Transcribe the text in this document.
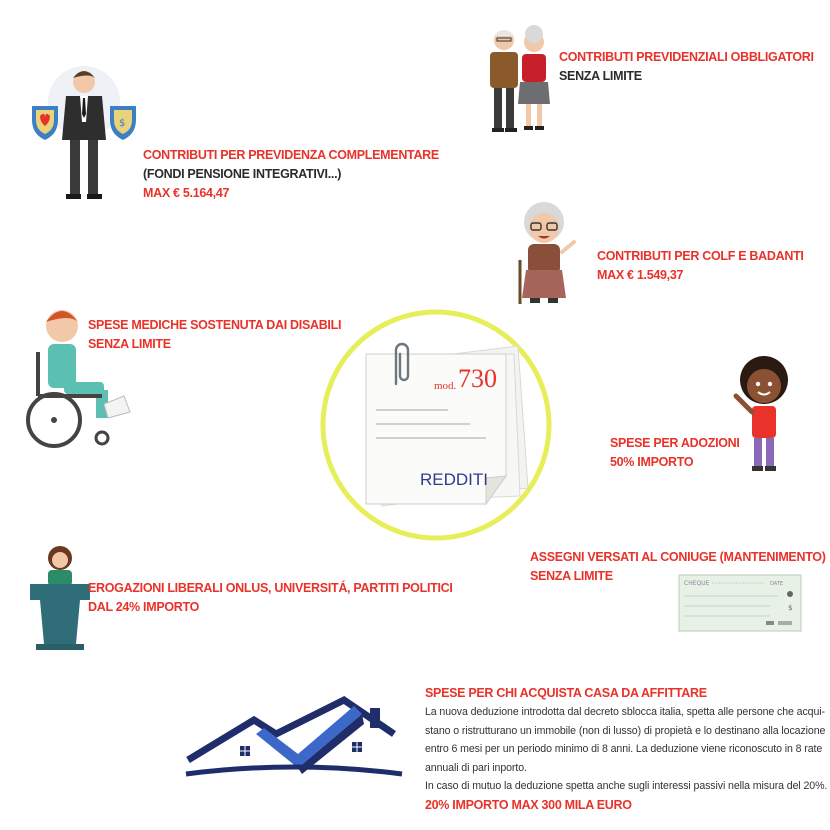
mod. 730
REDDITI
CONTRIBUTI PREVIDENZIALI OBBLIGATORI
SENZA LIMITE
$
CONTRIBUTI PER PREVIDENZA COMPLEMENTARE
(FONDI PENSIONE INTEGRATIVI...)
MAX € 5.164,47
CONTRIBUTI PER COLF E BADANTI
MAX € 1.549,37
SPESE MEDICHE SOSTENUTA DAI DISABILI
SENZA LIMITE
SPESE PER ADOZIONI
50% IMPORTO
EROGAZIONI LIBERALI ONLUS, UNIVERSITÁ, PARTITI POLITICI
DAL 24% IMPORTO
ASSEGNI VERSATI AL CONIUGE (MANTENIMENTO)
SENZA LIMITE
CHEQUE	DATE
$
SPESE PER CHI ACQUISTA CASA DA AFFITTARE
La nuova deduzione introdotta dal decreto sblocca italia, spetta alle persone che acqui-
stano o ristrutturano un immobile (non di lusso) di propietà e lo destinano alla locazione
entro 6 mesi per un periodo minimo di 8 anni. La deduzione viene riconoscuto in 8 rate
annuali di pari inporto.
In caso di mutuo la deduzione spetta anche sugli interessi passivi nella misura del 20%.
20% IMPORTO MAX 300 MILA EURO
